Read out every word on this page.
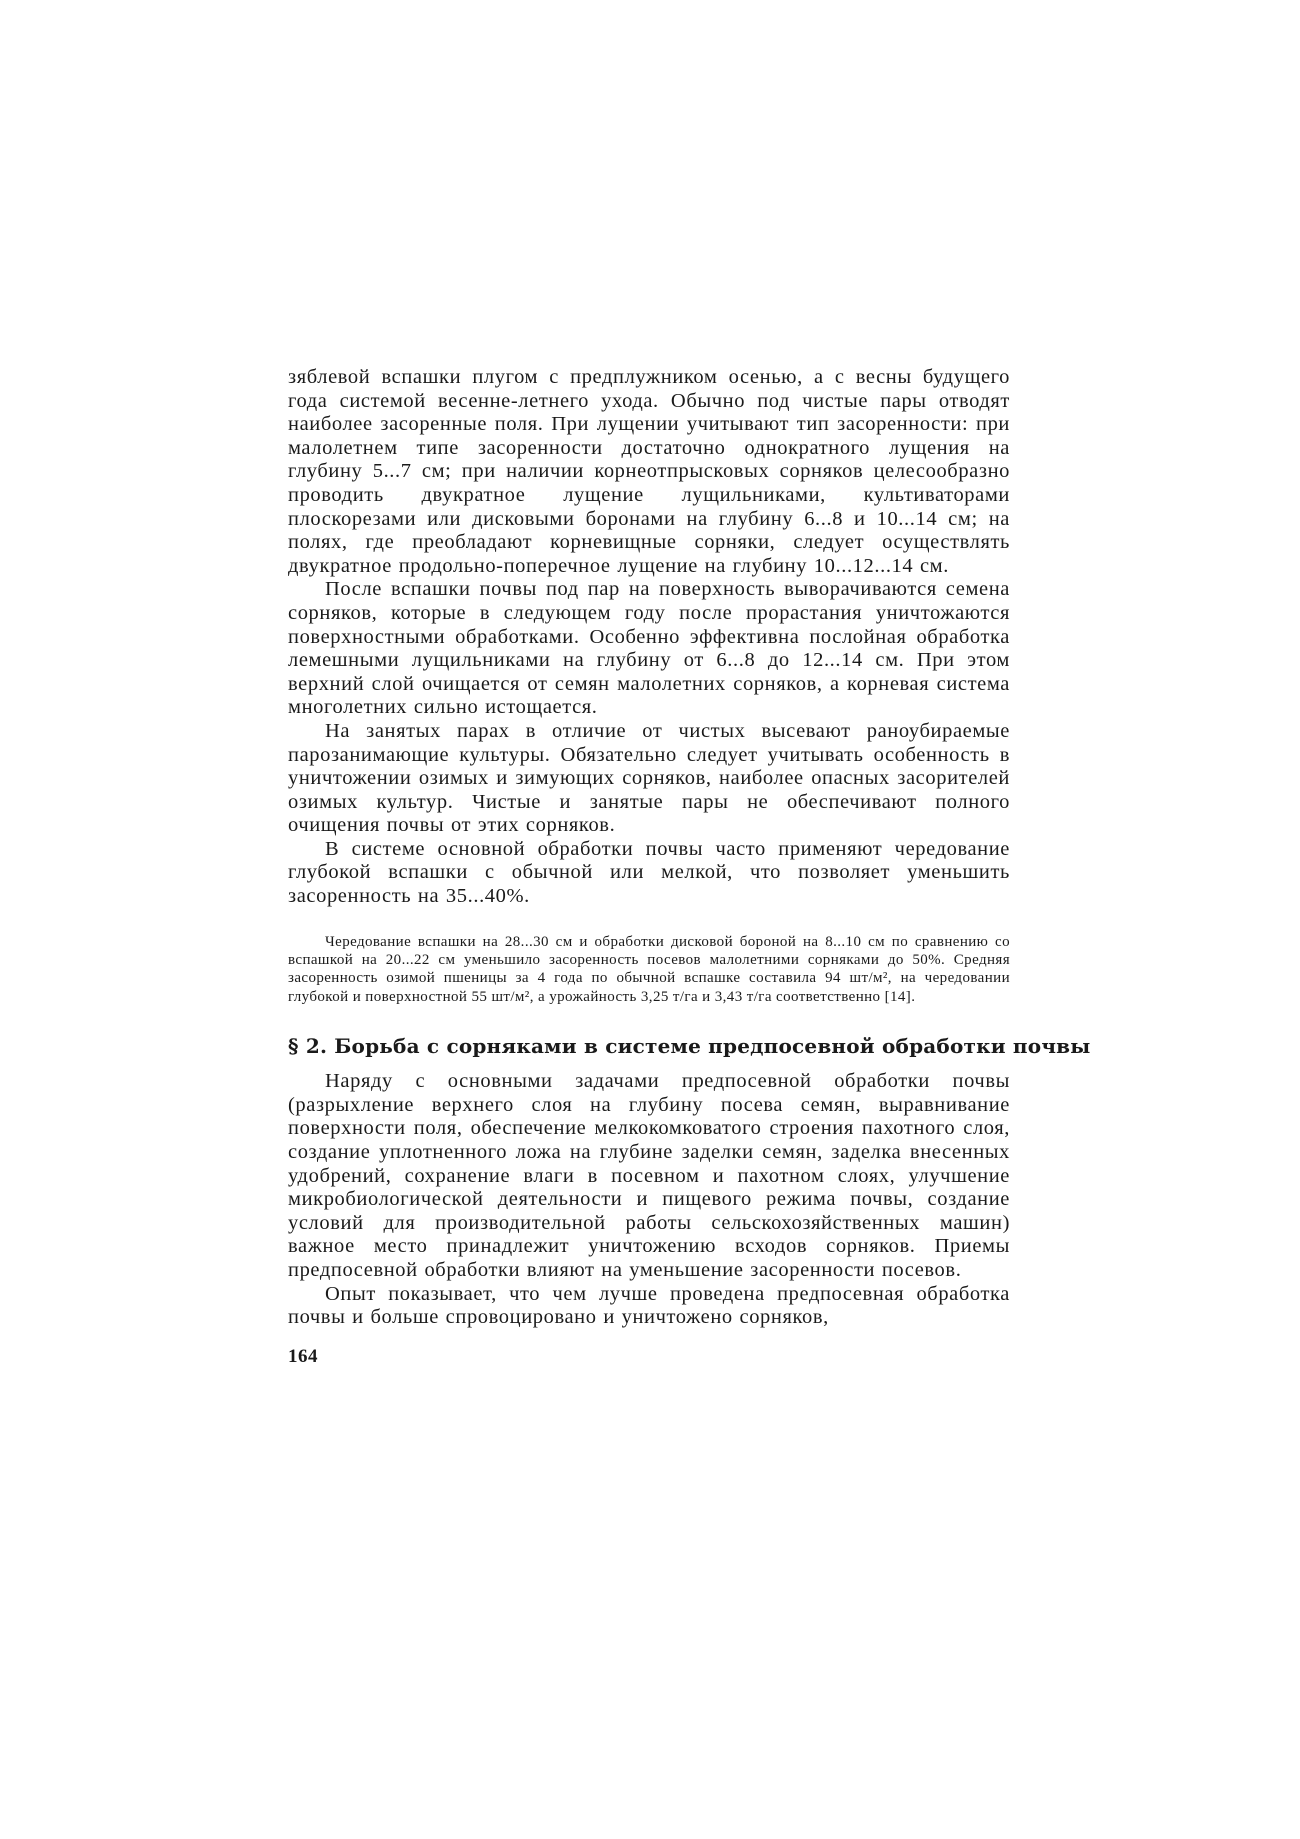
зяблевой вспашки плугом с предплужником осенью, а с весны будущего года системой весенне-летнего ухода. Обычно под чистые пары отводят наиболее засоренные поля. При лущении учитывают тип засоренности: при малолетнем типе засоренности достаточно однократного лущения на глубину 5...7 см; при наличии корнеотпрысковых сорняков целесообразно проводить двукратное лущение лущильниками, культиваторами плоскорезами или дисковыми боронами на глубину 6...8 и 10...14 см; на полях, где преобладают корневищные сорняки, следует осуществлять двукратное продольно-поперечное лущение на глубину 10...12...14 см.

После вспашки почвы под пар на поверхность выворачиваются семена сорняков, которые в следующем году после прорастания уничтожаются поверхностными обработками. Особенно эффективна послойная обработка лемешными лущильниками на глубину от 6...8 до 12...14 см. При этом верхний слой очищается от семян малолетних сорняков, а корневая система многолетних сильно истощается.

На занятых парах в отличие от чистых высевают раноубираемые парозанимающие культуры. Обязательно следует учитывать особенность в уничтожении озимых и зимующих сорняков, наиболее опасных засорителей озимых культур. Чистые и занятые пары не обеспечивают полного очищения почвы от этих сорняков.

В системе основной обработки почвы часто применяют чередование глубокой вспашки с обычной или мелкой, что позволяет уменьшить засоренность на 35...40%.

Чередование вспашки на 28...30 см и обработки дисковой бороной на 8...10 см по сравнению со вспашкой на 20...22 см уменьшило засоренность посевов малолетними сорняками до 50%. Средняя засоренность озимой пшеницы за 4 года по обычной вспашке составила 94 шт/м², на чередовании глубокой и поверхностной 55 шт/м², а урожайность 3,25 т/га и 3,43 т/га соответственно [14].

§ 2. Борьба с сорняками в системе предпосевной обработки почвы

Наряду с основными задачами предпосевной обработки почвы (разрыхление верхнего слоя на глубину посева семян, выравнивание поверхности поля, обеспечение мелкокомковатого строения пахотного слоя, создание уплотненного ложа на глубине заделки семян, заделка внесенных удобрений, сохранение влаги в посевном и пахотном слоях, улучшение микробиологической деятельности и пищевого режима почвы, создание условий для производительной работы сельскохозяйственных машин) важное место принадлежит уничтожению всходов сорняков. Приемы предпосевной обработки влияют на уменьшение засоренности посевов.

Опыт показывает, что чем лучше проведена предпосевная обработка почвы и больше спровоцировано и уничтожено сорняков,

164
